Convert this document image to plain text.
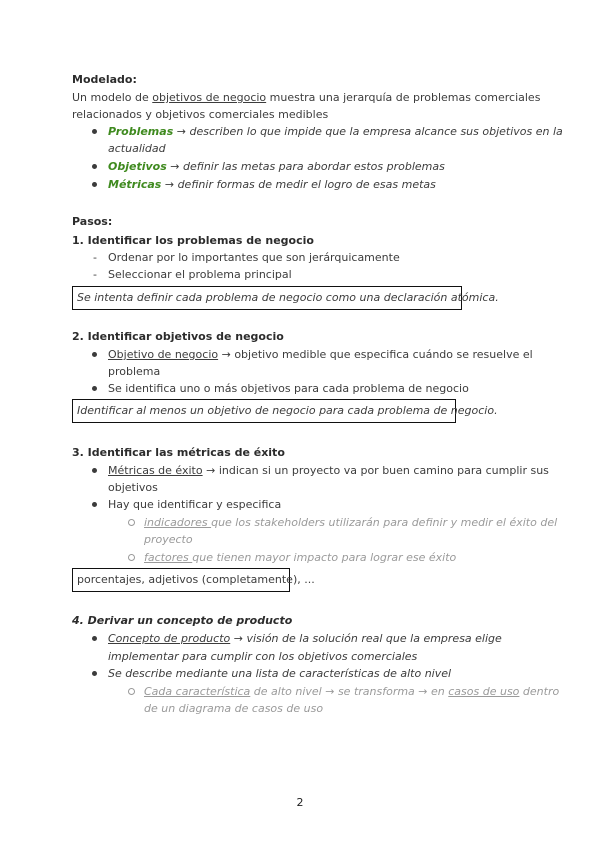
Modelado:
Un modelo de objetivos de negocio muestra una jerarquía de problemas comerciales
relacionados y objetivos comerciales medibles
Problemas → describen lo que impide que la empresa alcance sus objetivos en la
actualidad
Objetivos → definir las metas para abordar estos problemas
Métricas → definir formas de medir el logro de esas metas
Pasos:
1. Identificar los problemas de negocio
- Ordenar por lo importantes que son jerárquicamente
- Seleccionar el problema principal
Se intenta definir cada problema de negocio como una declaración atómica.
2. Identificar objetivos de negocio
Objetivo de negocio → objetivo medible que especifica cuándo se resuelve el
problema
Se identifica uno o más objetivos para cada problema de negocio
Identificar al menos un objetivo de negocio para cada problema de negocio.
3. Identificar las métricas de éxito
Métricas de éxito → indican si un proyecto va por buen camino para cumplir sus
objetivos
Hay que identificar y especifica
indicadores que los stakeholders utilizarán para definir y medir el éxito del
proyecto
factores que tienen mayor impacto para lograr ese éxito
porcentajes, adjetivos (completamente), ...
4. Derivar un concepto de producto
Concepto de producto → visión de la solución real que la empresa elige
implementar para cumplir con los objetivos comerciales
Se describe mediante una lista de características de alto nivel
Cada característica de alto nivel → se transforma → en casos de uso dentro
de un diagrama de casos de uso
2
